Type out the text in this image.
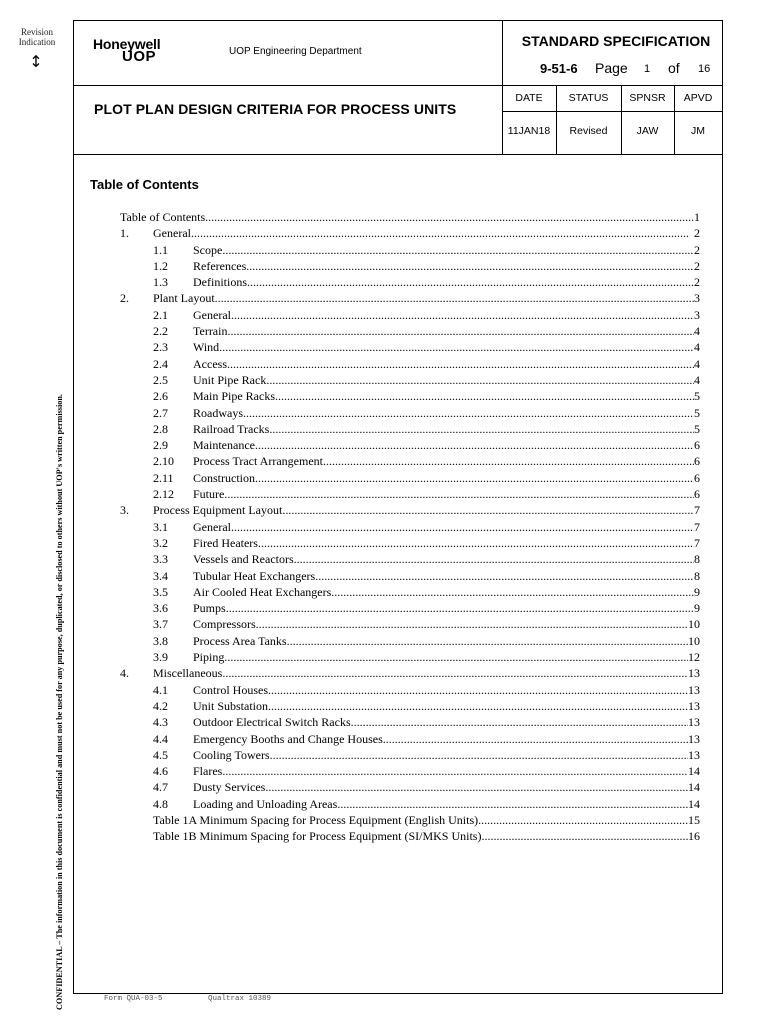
Revision
Indication
↕
CONFIDENTIAL – The information in this document is confidential and must not be used for any purpose, duplicated, or disclosed to others without UOP's written permission.
Honeywell
UOP	UOP Engineering Department
STANDARD SPECIFICATION
9-51-6 Page 1 of 16
PLOT PLAN DESIGN CRITERIA FOR PROCESS UNITS
DATE	STATUS	SPNSR	APVD
11JAN18	Revised	JAW	JM
Table of Contents
Table of Contents . . .	1
1. General . . .	2
1.1 Scope . . .	2
1.2 References . . .	2
1.3 Definitions . . .	2
2. Plant Layout . . .	3
2.1 General . . .	3
2.2 Terrain . . .	4
2.3 Wind . . .	4
2.4 Access . . .	4
2.5 Unit Pipe Rack . . .	4
2.6 Main Pipe Racks . . .	5
2.7 Roadways . . .	5
2.8 Railroad Tracks . . .	5
2.9 Maintenance . . .	6
2.10 Process Tract Arrangement . . .	6
2.11 Construction . . .	6
2.12 Future . . .	6
3. Process Equipment Layout . . .	7
3.1 General . . .	7
3.2 Fired Heaters . . .	7
3.3 Vessels and Reactors . . .	8
3.4 Tubular Heat Exchangers . . .	8
3.5 Air Cooled Heat Exchangers . . .	9
3.6 Pumps . . .	9
3.7 Compressors . . .	10
3.8 Process Area Tanks . . .	10
3.9 Piping . . .	12
4. Miscellaneous . . .	13
4.1 Control Houses . . .	13
4.2 Unit Substation . . .	13
4.3 Outdoor Electrical Switch Racks . . .	13
4.4 Emergency Booths and Change Houses . . .	13
4.5 Cooling Towers . . .	13
4.6 Flares . . .	14
4.7 Dusty Services . . .	14
4.8 Loading and Unloading Areas . . .	14
Table 1A Minimum Spacing for Process Equipment (English Units) . . .	15
Table 1B Minimum Spacing for Process Equipment (SI/MKS Units) . . .	16
Form QUA-03-5	Qualtrax 10389
